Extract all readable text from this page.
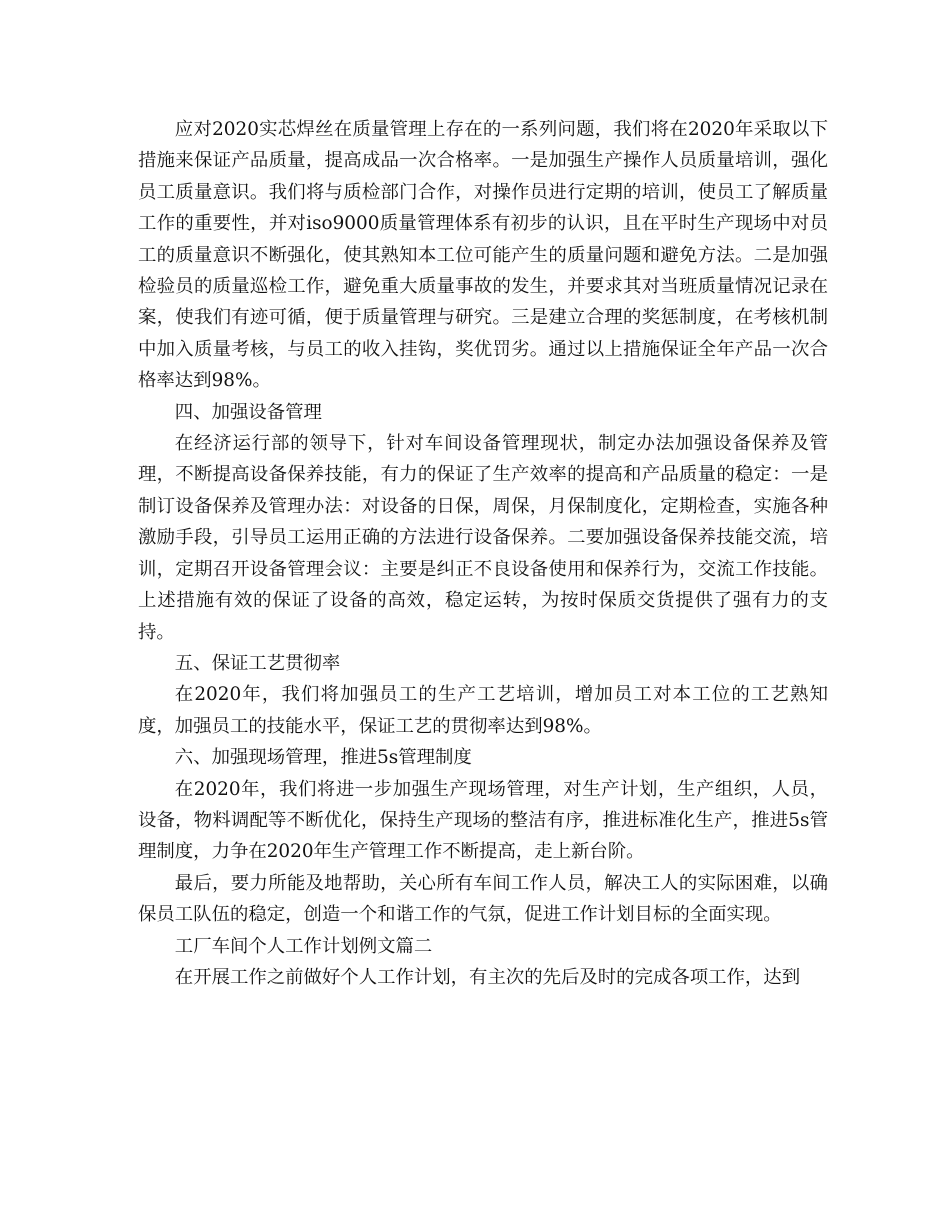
应对2020实芯焊丝在质量管理上存在的一系列问题，我们将在2020年采取以下措施来保证产品质量，提高成品一次合格率。一是加强生产操作人员质量培训，强化员工质量意识。我们将与质检部门合作，对操作员进行定期的培训，使员工了解质量工作的重要性，并对iso9000质量管理体系有初步的认识，且在平时生产现场中对员工的质量意识不断强化，使其熟知本工位可能产生的质量问题和避免方法。二是加强检验员的质量巡检工作，避免重大质量事故的发生，并要求其对当班质量情况记录在案，使我们有迹可循，便于质量管理与研究。三是建立合理的奖惩制度，在考核机制中加入质量考核，与员工的收入挂钩，奖优罚劣。通过以上措施保证全年产品一次合格率达到98%。

四、加强设备管理

在经济运行部的领导下，针对车间设备管理现状，制定办法加强设备保养及管理，不断提高设备保养技能，有力的保证了生产效率的提高和产品质量的稳定：一是制订设备保养及管理办法：对设备的日保，周保，月保制度化，定期检查，实施各种激励手段，引导员工运用正确的方法进行设备保养。二要加强设备保养技能交流，培训，定期召开设备管理会议：主要是纠正不良设备使用和保养行为，交流工作技能。上述措施有效的保证了设备的高效，稳定运转，为按时保质交货提供了强有力的支持。

五、保证工艺贯彻率

在2020年，我们将加强员工的生产工艺培训，增加员工对本工位的工艺熟知度，加强员工的技能水平，保证工艺的贯彻率达到98%。

六、加强现场管理，推进5s管理制度

在2020年，我们将进一步加强生产现场管理，对生产计划，生产组织，人员，设备，物料调配等不断优化，保持生产现场的整洁有序，推进标准化生产，推进5s管理制度，力争在2020年生产管理工作不断提高，走上新台阶。

最后，要力所能及地帮助，关心所有车间工作人员，解决工人的实际困难，以确保员工队伍的稳定，创造一个和谐工作的气氛，促进工作计划目标的全面实现。

工厂车间个人工作计划例文篇二

在开展工作之前做好个人工作计划，有主次的先后及时的完成各项工作，达到
